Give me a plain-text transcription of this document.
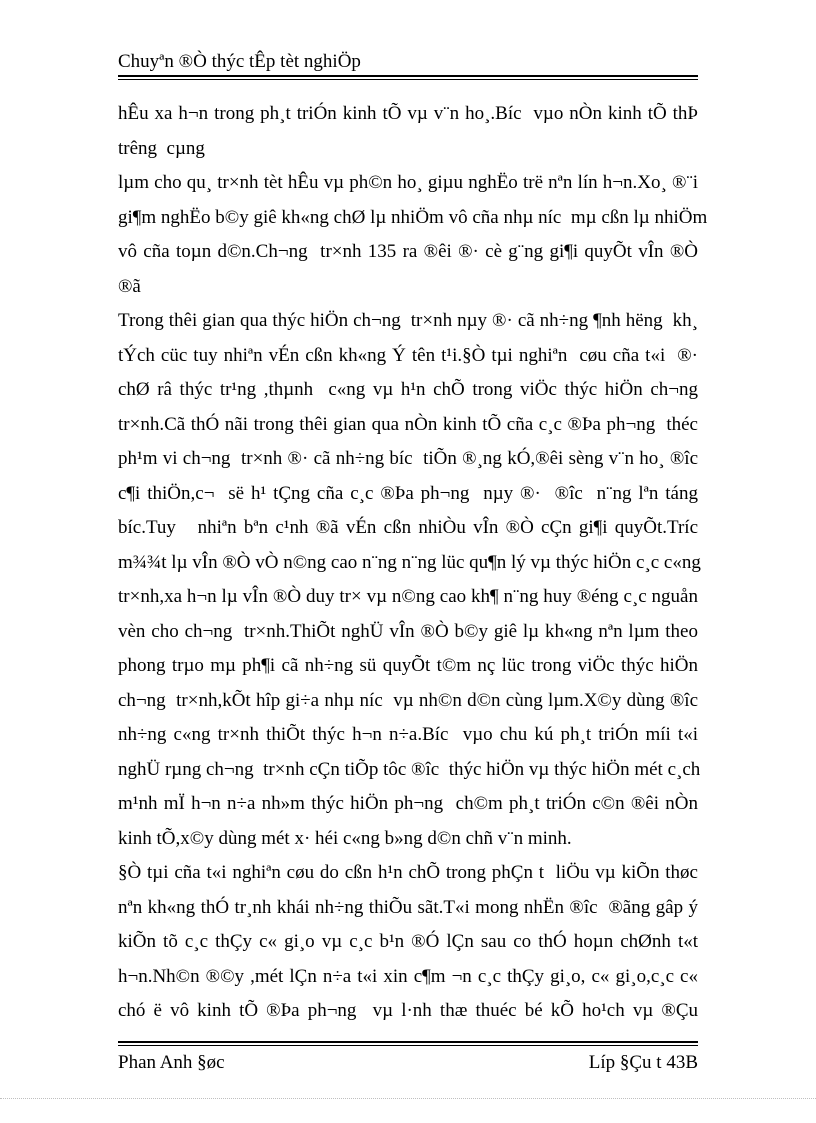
Chuyªn ®Ò thýc tÊp tèt nghiÖp
hÊu xa h¬n trong ph¸t triÓn kinh tÕ vµ v¨n ho¸.Bíc  vµo nÒn kinh tÕ thÞ
trêng  cµng
lµm cho qu¸ tr×nh tèt hÊu vµ ph©n ho¸ giµu nghËo trë nªn lín h¬n.Xo¸ ®¨i
gi¶m nghËo b©y giê kh«ng chØ lµ nhiÖm vô cña nhµ níc  mµ cßn lµ nhiÖm
vô cña toµn d©n.Ch¬ng  tr×nh 135 ra ®êi ®· cè g¨ng gi¶i quyÕt vÎn ®Ò
®ã
Trong thêi gian qua thýc hiÖn ch¬ng  tr×nh nµy ®· cã nh÷ng ¶nh hëng  kh¸
tÝch cüc tuy nhiªn vÉn cßn kh«ng Ý tên t¹i.§Ò tµi nghiªn  cøu cña t«i  ®·
chØ râ thýc tr¹ng ,thµnh  c«ng vµ h¹n chÕ trong viÖc thýc hiÖn ch¬ng
tr×nh.Cã thÓ nãi trong thêi gian qua nÒn kinh tÕ cña c¸c ®Þa ph¬ng  théc
ph¹m vi ch¬ng  tr×nh ®· cã nh÷ng bíc  tiÕn ®¸ng kÓ,®êi sèng v¨n ho¸ ®îc
c¶i thiÖn,c¬  së h¹ tÇng cña c¸c ®Þa ph¬ng  nµy ®·  ®îc  n¨ng lªn táng
bíc.Tuy   nhiªn bªn c¹nh ®ã vÉn cßn nhiÒu vÎn ®Ò cÇn gi¶i quyÕt.Tríc
m¾¾t lµ vÎn ®Ò vÒ n©ng cao n¨ng n¨ng lüc qu¶n lý vµ thýc hiÖn c¸c c«ng
tr×nh,xa h¬n lµ vÎn ®Ò duy tr× vµ n©ng cao kh¶ n¨ng huy ®éng c¸c nguån
vèn cho ch¬ng  tr×nh.ThiÕt nghÜ vÎn ®Ò b©y giê lµ kh«ng nªn lµm theo
phong trµo mµ ph¶i cã nh÷ng sü quyÕt t©m nç lüc trong viÖc thýc hiÖn
ch¬ng  tr×nh,kÕt hîp gi÷a nhµ níc  vµ nh©n d©n cùng lµm.X©y dùng ®îc
nh÷ng c«ng tr×nh thiÕt thýc h¬n n÷a.Bíc  vµo chu kú ph¸t triÓn míi t«i
nghÜ rµng ch¬ng  tr×nh cÇn tiÕp tôc ®îc  thýc hiÖn vµ thýc hiÖn mét c¸ch
m¹nh mÏ h¬n n÷a nh»m thýc hiÖn ph¬ng  ch©m ph¸t triÓn c©n ®êi nÒn
kinh tÕ,x©y dùng mét x· héi c«ng b»ng d©n chñ v¨n minh.
§Ò tµi cña t«i nghiªn cøu do cßn h¹n chÕ trong phÇn t  liÖu vµ kiÕn thøc
nªn kh«ng thÓ tr¸nh khái nh÷ng thiÕu sãt.T«i mong nhËn ®îc  ®ãng gâp ý
kiÕn tõ c¸c thÇy c« gi¸o vµ c¸c b¹n ®Ó lÇn sau co thÓ hoµn chØnh t«t
h¬n.Nh©n ®©y ,mét lÇn n÷a t«i xin c¶m ¬n c¸c thÇy gi¸o, c« gi¸o,c¸c c«
chó ë vô kinh tÕ ®Þa ph¬ng  vµ l·nh thæ thuéc bé kÕ ho¹ch vµ ®Çu
Phan Anh §øc	Líp §Çu t 43B
